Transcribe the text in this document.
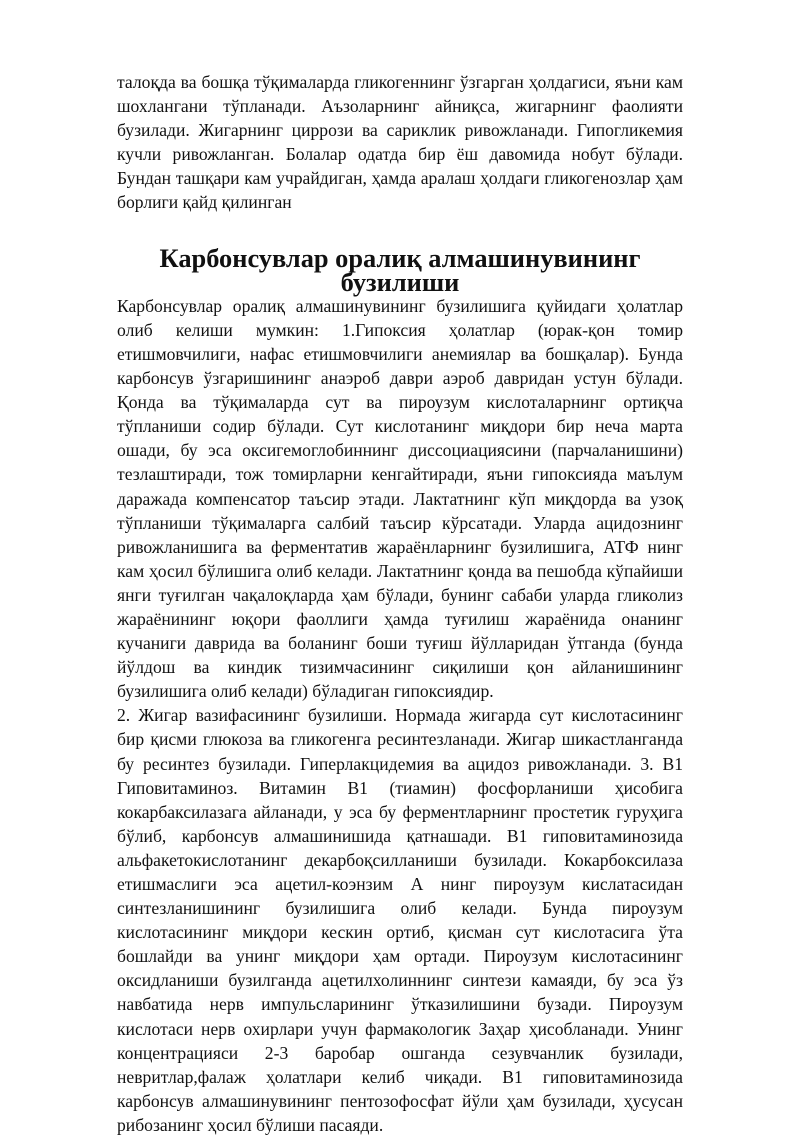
талоқда ва бошқа тўқималарда гликогеннинг ўзгарган ҳолдагиси, яъни кам шохлангани тўпланади. Аъзоларнинг айниқса, жигарнинг фаолияти бузилади. Жигарнинг циррози ва сариклик ривожланади. Гипогликемия кучли ривожланган. Болалар одатда бир ёш давомида нобут бўлади. Бундан ташқари кам учрайдиган, ҳамда аралаш ҳолдаги гликогенозлар ҳам борлиги қайд қилинган

Карбонсувлар оралиқ алмашинувининг бузилиши

Карбонсувлар оралиқ алмашинувининг бузилишига қуйидаги ҳолатлар олиб келиши мумкин: 1.Гипоксия ҳолатлар (юрак-қон томир етишмовчилиги, нафас етишмовчилиги анемиялар ва бошқалар). Бунда карбонсув ўзгаришининг анаэроб даври аэроб давридан устун бўлади. Қонда ва тўқималарда сут ва пироузум кислоталарнинг ортиқча тўпланиши содир бўлади. Сут кислотанинг миқдори бир неча марта ошади, бу эса оксигемоглобиннинг диссоциациясини (парчаланишини) тезлаштиради, тож томирларни кенгайтиради, яъни гипоксияда маълум даражада компенсатор таъсир этади. Лактатнинг кўп миқдорда ва узоқ тўпланиши тўқималарга салбий таъсир кўрсатади. Уларда ацидознинг ривожланишига ва ферментатив жараёнларнинг бузилишига, АТФ нинг кам ҳосил бўлишига олиб келади. Лактатнинг қонда ва пешобда кўпайиши янги туғилган чақалоқларда ҳам бўлади, бунинг сабаби уларда гликолиз жараёнининг юқори фаоллиги ҳамда туғилиш жараёнида онанинг кучаниги даврида ва боланинг боши туғиш йўлларидан ўтганда (бунда йўлдош ва киндик тизимчасининг сиқилиши қон айланишининг бузилишига олиб келади) бўладиган гипоксиядир.

2. Жигар вазифасининг бузилиши. Нормада жигарда сут кислотасининг бир қисми глюкоза ва гликогенга ресинтезланади. Жигар шикастланганда бу ресинтез бузилади. Гиперлакцидемия ва ацидоз ривожланади. 3. В1 Гиповитаминоз. Витамин В1 (тиамин) фосфорланиши ҳисобига кокарбаксилазага айланади, у эса бу ферментларнинг простетик гуруҳига бўлиб, карбонсув алмашинишида қатнашади. В1 гиповитаминозида альфакетокислотанинг декарбоқсилланиши бузилади. Кокарбоксилаза етишмаслиги эса ацетил-коэнзим А нинг пироузум кислатасидан синтезланишининг бузилишига олиб келади. Бунда пироузум кислотасининг миқдори кескин ортиб, қисман сут кислотасига ўта бошлайди ва унинг миқдори ҳам ортади. Пироузум кислотасининг оксидланиши бузилганда ацетилхолиннинг синтези камаяди, бу эса ўз навбатида нерв импульсларининг ўтказилишини бузади. Пироузум кислотаси нерв охирлари учун фармакологик Заҳар ҳисобланади. Унинг концентрацияси 2-3 баробар ошганда сезувчанлик бузилади, невритлар,фалаж ҳолатлари келиб чиқади. В1 гиповитаминозида карбонсув алмашинувининг пентозофосфат йўли ҳам бузилади, ҳусусан рибозанинг ҳосил бўлиши пасаяди.
